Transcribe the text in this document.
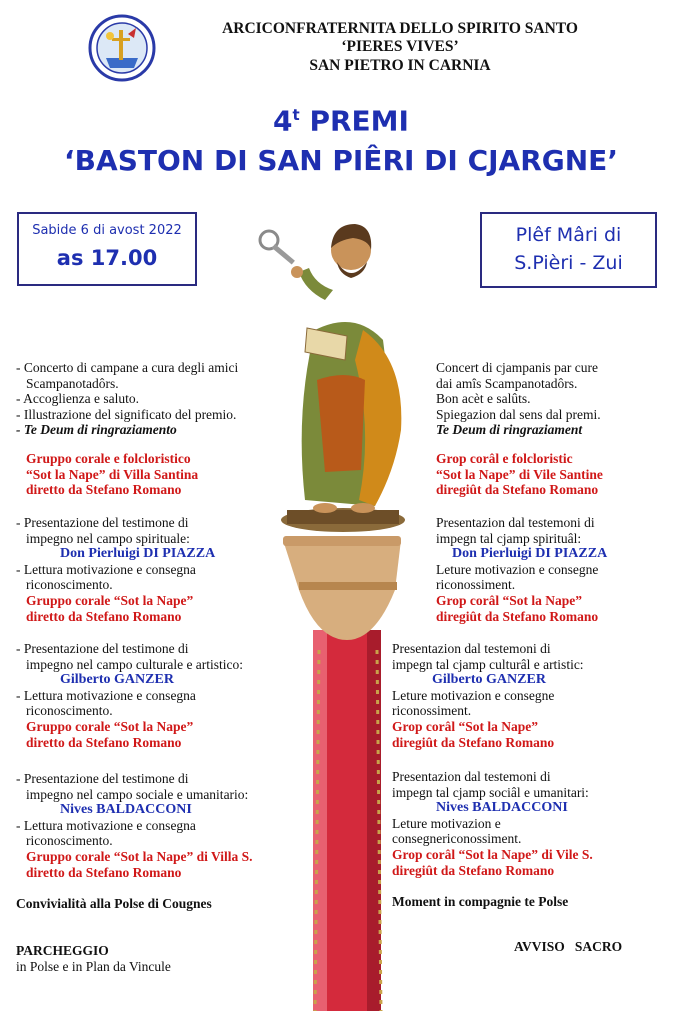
ARCICONFRATERNITA DELLO SPIRITO SANTO
‘PIERES VIVES’
SAN PIETRO IN CARNIA
4$^t$ PREMI
‘BASTON DI SAN PIÊRI DI CJARGNE’
Sabide 6 di avost 2022
as 17.00
Plêf Mâri di
S.Pièri - Zui
- Concerto di campane a cura degli amici
Scampanotadôrs.
- Accoglienza e saluto.
- Illustrazione del significato del premio.
- Te Deum di ringraziamento
Gruppo corale e folcloristico
“Sot la Nape” di Villa Santina
diretto da Stefano Romano
- Presentazione del testimone di
impegno nel campo spirituale:
Don Pierluigi DI PIAZZA
- Lettura motivazione e consegna
riconoscimento.
Gruppo corale “Sot la Nape”
diretto da Stefano Romano
- Presentazione del testimone di
impegno nel campo culturale e artistico:
Gilberto GANZER
- Lettura motivazione e consegna
riconoscimento.
Gruppo corale “Sot la Nape”
diretto da Stefano Romano
- Presentazione del testimone di
impegno nel campo sociale e umanitario:
Nives BALDACCONI
- Lettura motivazione e consegna
riconoscimento.
Gruppo corale “Sot la Nape” di Villa S.
diretto da Stefano Romano
Convivialità alla Polse di Cougnes
PARCHEGGIO
in Polse e in Plan da Vincule
Concert di cjampanis par cure
dai amîs Scampanotadôrs.
Bon acèt e salûts.
Spiegazion dal sens dal premi.
Te Deum di ringraziament
Grop corâl e folcloristic
“Sot la Nape” di Vile Santine
diregiût da Stefano Romano
Presentazion dal testemoni di
impegn tal cjamp spirituâl:
Don Pierluigi DI PIAZZA
Leture motivazion e consegne
riconossiment.
Grop corâl “Sot la Nape”
diregiût da Stefano Romano
Presentazion dal testemoni di
impegn tal cjamp culturâl e artistic:
Gilberto GANZER
Leture motivazion e consegne
riconossiment.
Grop corâl “Sot la Nape”
diregiût da Stefano Romano
Presentazion dal testemoni di
impegn tal cjamp sociâl e umanitari:
Nives BALDACCONI
Leture motivazion e
consegnericonossiment.
Grop corâl “Sot la Nape” di Vile S.
diregiût da Stefano Romano
Moment in compagnie te Polse
AVVISO   SACRO
